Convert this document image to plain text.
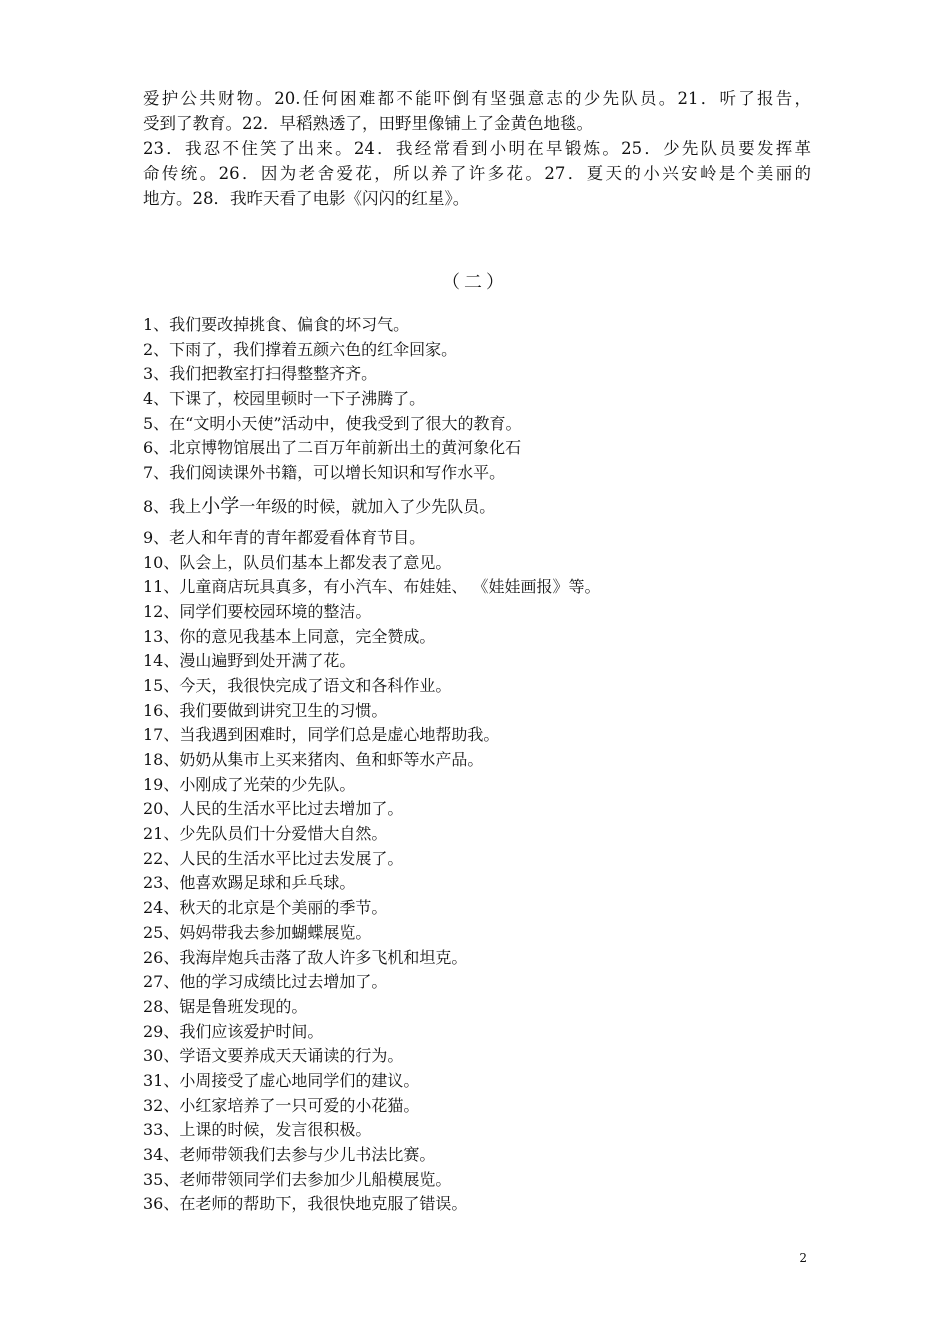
爱护公共财物。20.任何困难都不能吓倒有坚强意志的少先队员。21．听了报告，
受到了教育。22．早稻熟透了，田野里像铺上了金黄色地毯。
23．我忍不住笑了出来。24．我经常看到小明在早锻炼。25．少先队员要发挥革
命传统。26．因为老舍爱花，所以养了许多花。27．夏天的小兴安岭是个美丽的
地方。28．我昨天看了电影《闪闪的红星》。
（二）
1、我们要改掉挑食、偏食的坏习气。
2、下雨了，我们撑着五颜六色的红伞回家。
3、我们把教室打扫得整整齐齐。
4、下课了，校园里顿时一下子沸腾了。
5、在“文明小天使”活动中，使我受到了很大的教育。
6、北京博物馆展出了二百万年前新出土的黄河象化石
7、我们阅读课外书籍，可以增长知识和写作水平。
8、我上小学一年级的时候，就加入了少先队员。
9、老人和年青的青年都爱看体育节目。
10、队会上，队员们基本上都发表了意见。
11、儿童商店玩具真多，有小汽车、布娃娃、 《娃娃画报》等。
12、同学们要校园环境的整洁。
13、你的意见我基本上同意，完全赞成。
14、漫山遍野到处开满了花。
15、今天，我很快完成了语文和各科作业。
16、我们要做到讲究卫生的习惯。
17、当我遇到困难时，同学们总是虚心地帮助我。
18、奶奶从集市上买来猪肉、鱼和虾等水产品。
19、小刚成了光荣的少先队。
20、人民的生活水平比过去增加了。
21、少先队员们十分爱惜大自然。
22、人民的生活水平比过去发展了。
23、他喜欢踢足球和乒乓球。
24、秋天的北京是个美丽的季节。
25、妈妈带我去参加蝴蝶展览。
26、我海岸炮兵击落了敌人许多飞机和坦克。
27、他的学习成绩比过去增加了。
28、锯是鲁班发现的。
29、我们应该爱护时间。
30、学语文要养成天天诵读的行为。
31、小周接受了虚心地同学们的建议。
32、小红家培养了一只可爱的小花猫。
33、上课的时候，发言很积极。
34、老师带领我们去参与少儿书法比赛。
35、老师带领同学们去参加少儿船模展览。
36、在老师的帮助下，我很快地克服了错误。
2
